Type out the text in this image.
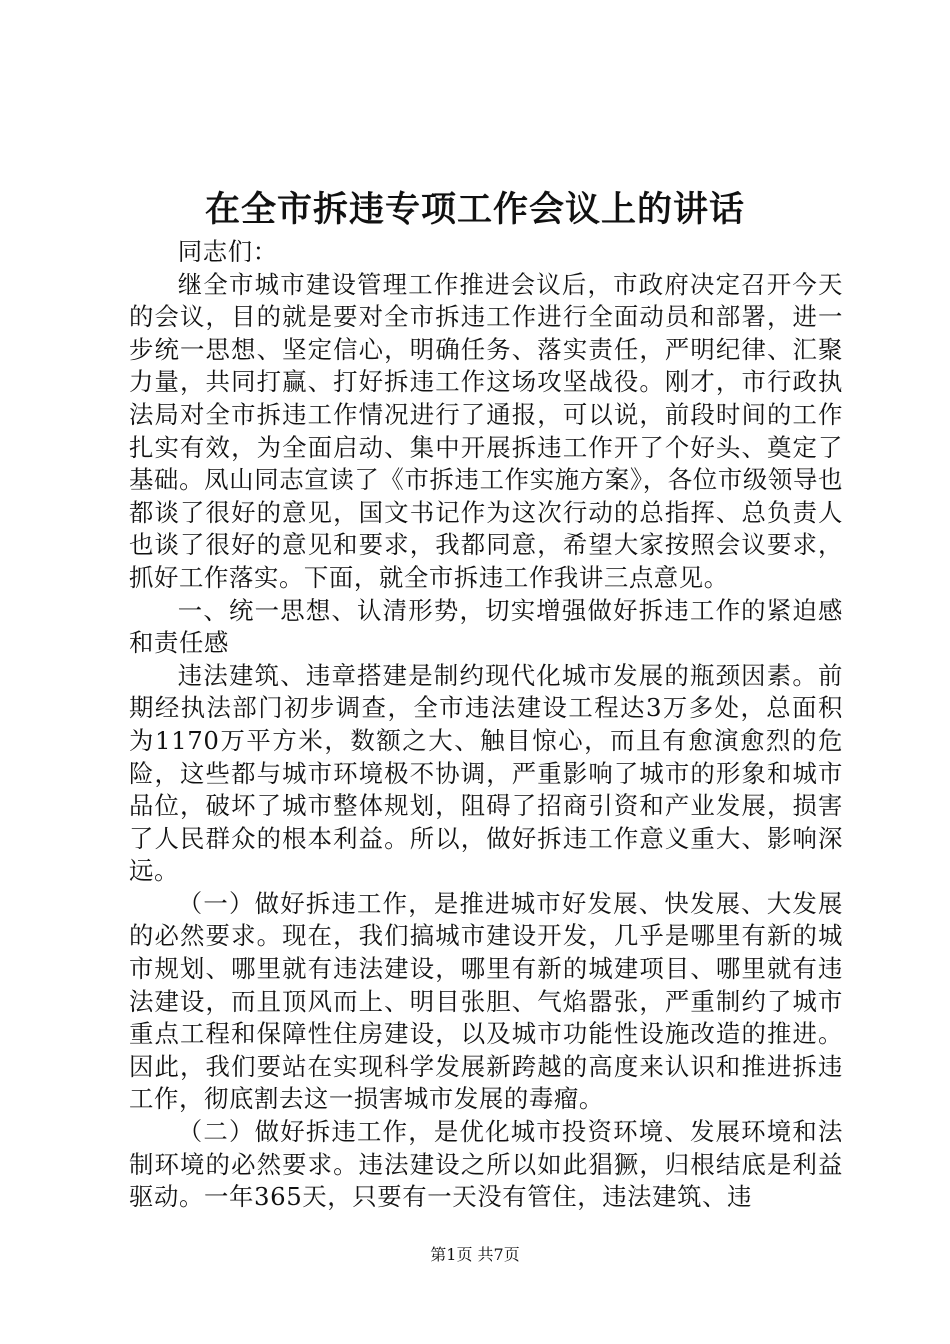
在全市拆违专项工作会议上的讲话

同志们：

继全市城市建设管理工作推进会议后，市政府决定召开今天的会议，目的就是要对全市拆违工作进行全面动员和部署，进一步统一思想、坚定信心，明确任务、落实责任，严明纪律、汇聚力量，共同打赢、打好拆违工作这场攻坚战役。刚才，市行政执法局对全市拆违工作情况进行了通报，可以说，前段时间的工作扎实有效，为全面启动、集中开展拆违工作开了个好头、奠定了基础。凤山同志宣读了《市拆违工作实施方案》，各位市级领导也都谈了很好的意见，国文书记作为这次行动的总指挥、总负责人也谈了很好的意见和要求，我都同意，希望大家按照会议要求，抓好工作落实。下面，就全市拆违工作我讲三点意见。

一、统一思想、认清形势，切实增强做好拆违工作的紧迫感和责任感

违法建筑、违章搭建是制约现代化城市发展的瓶颈因素。前期经执法部门初步调查，全市违法建设工程达3万多处，总面积为1170万平方米，数额之大、触目惊心，而且有愈演愈烈的危险，这些都与城市环境极不协调，严重影响了城市的形象和城市品位，破坏了城市整体规划，阻碍了招商引资和产业发展，损害了人民群众的根本利益。所以，做好拆违工作意义重大、影响深远。

（一）做好拆违工作，是推进城市好发展、快发展、大发展的必然要求。现在，我们搞城市建设开发，几乎是哪里有新的城市规划、哪里就有违法建设，哪里有新的城建项目、哪里就有违法建设，而且顶风而上、明目张胆、气焰嚣张，严重制约了城市重点工程和保障性住房建设，以及城市功能性设施改造的推进。因此，我们要站在实现科学发展新跨越的高度来认识和推进拆违工作，彻底割去这一损害城市发展的毒瘤。

（二）做好拆违工作，是优化城市投资环境、发展环境和法制环境的必然要求。违法建设之所以如此猖獗，归根结底是利益驱动。一年365天，只要有一天没有管住，违法建筑、违

第1页 共7页
